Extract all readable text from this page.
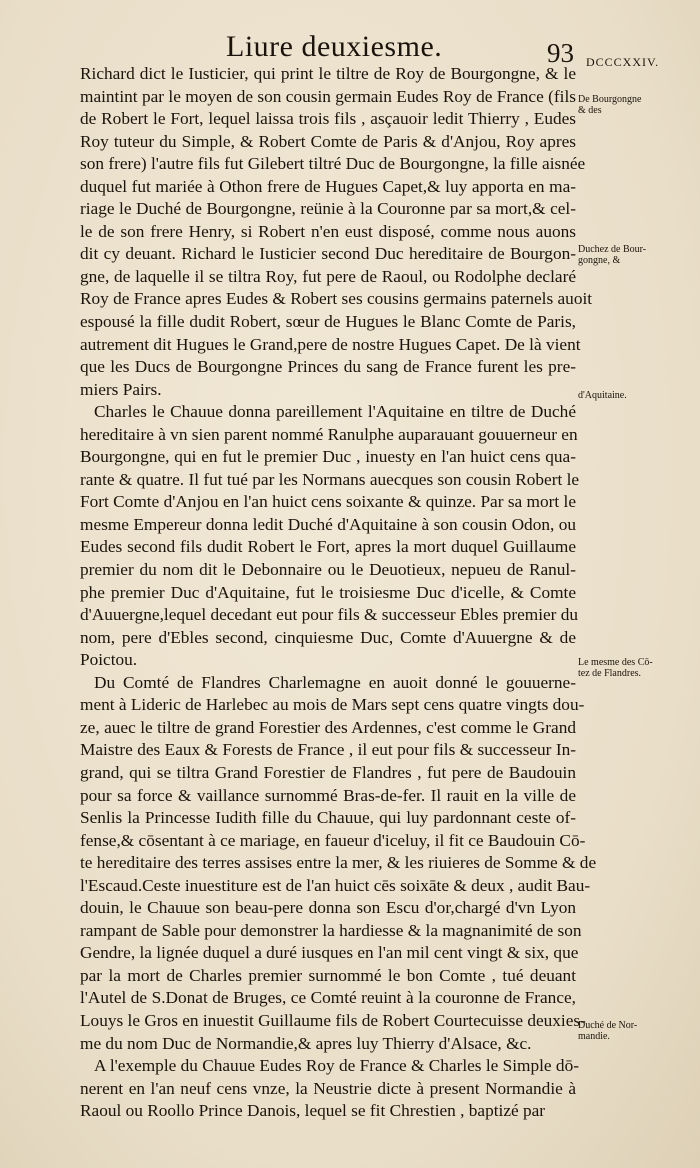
Liure deuxiesme.	93 DCCCXXIV.
Richard dict le Iusticier, qui print le tiltre de Roy de Bourgongne, & le
maintint par le moyen de son cousin germain Eudes Roy de France (fils
de Robert le Fort, lequel laissa trois fils , asçauoir ledit Thierry , Eudes
Roy tuteur du Simple, & Robert Comte de Paris & d'Anjou, Roy apres
son frere) l'autre fils fut Gilebert tiltré Duc de Bourgongne, la fille aisnée
duquel fut mariée à Othon frere de Hugues Capet,& luy apporta en ma-
riage le Duché de Bourgongne, reünie à la Couronne par sa mort,& cel-
le de son frere Henry, si Robert n'en eust disposé, comme nous auons
dit cy deuant. Richard le Iusticier second Duc hereditaire de Bourgon-
gne, de laquelle il se tiltra Roy, fut pere de Raoul, ou Rodolphe declaré
Roy de France apres Eudes & Robert ses cousins germains paternels auoit
espousé la fille dudit Robert, sœur de Hugues le Blanc Comte de Paris,
autrement dit Hugues le Grand,pere de nostre Hugues Capet. De là vient
que les Ducs de Bourgongne Princes du sang de France furent les pre-
miers Pairs.
Charles le Chauue donna pareillement l'Aquitaine en tiltre de Duché
hereditaire à vn sien parent nommé Ranulphe auparauant gouuerneur en
Bourgongne, qui en fut le premier Duc , inuesty en l'an huict cens qua-
rante & quatre. Il fut tué par les Normans auecques son cousin Robert le
Fort Comte d'Anjou en l'an huict cens soixante & quinze. Par sa mort le
mesme Empereur donna ledit Duché d'Aquitaine à son cousin Odon, ou
Eudes second fils dudit Robert le Fort, apres la mort duquel Guillaume
premier du nom dit le Debonnaire ou le Deuotieux, nepueu de Ranul-
phe premier Duc d'Aquitaine, fut le troisiesme Duc d'icelle, & Comte
d'Auuergne,lequel decedant eut pour fils & successeur Ebles premier du
nom, pere d'Ebles second, cinquiesme Duc, Comte d'Auuergne & de
Poictou.
Du Comté de Flandres Charlemagne en auoit donné le gouuerne-
ment à Lideric de Harlebec au mois de Mars sept cens quatre vingts dou-
ze, auec le tiltre de grand Forestier des Ardennes, c'est comme le Grand
Maistre des Eaux & Forests de France , il eut pour fils & successeur In-
grand, qui se tiltra Grand Forestier de Flandres , fut pere de Baudouin
pour sa force & vaillance surnommé Bras-de-fer. Il rauit en la ville de
Senlis la Princesse Iudith fille du Chauue, qui luy pardonnant ceste of-
fense,& cōsentant à ce mariage, en faueur d'iceluy, il fit ce Baudouin Cō-
te hereditaire des terres assises entre la mer, & les riuieres de Somme & de
l'Escaud.Ceste inuestiture est de l'an huict cēs soixāte & deux , audit Bau-
douin, le Chauue son beau-pere donna son Escu d'or,chargé d'vn Lyon
rampant de Sable pour demonstrer la hardiesse & la magnanimité de son
Gendre, la lignée duquel a duré iusques en l'an mil cent vingt & six, que
par la mort de Charles premier surnommé le bon Comte , tué deuant
l'Autel de S.Donat de Bruges, ce Comté reuint à la couronne de France,
Louys le Gros en inuestit Guillaume fils de Robert Courtecuisse deuxies-
me du nom Duc de Normandie,& apres luy Thierry d'Alsace, &c.
A l'exemple du Chauue Eudes Roy de France & Charles le Simple dō-
nerent en l'an neuf cens vnze, la Neustrie dicte à present Normandie à
Raoul ou Roollo Prince Danois, lequel se fit Chrestien , baptizé par
De Bourgongne
& des
Duchez de Bour-
gongne, &
d'Aquitaine.
Le mesme des Cō-
tez de Flandres.
Duché de Nor-
mandie.
